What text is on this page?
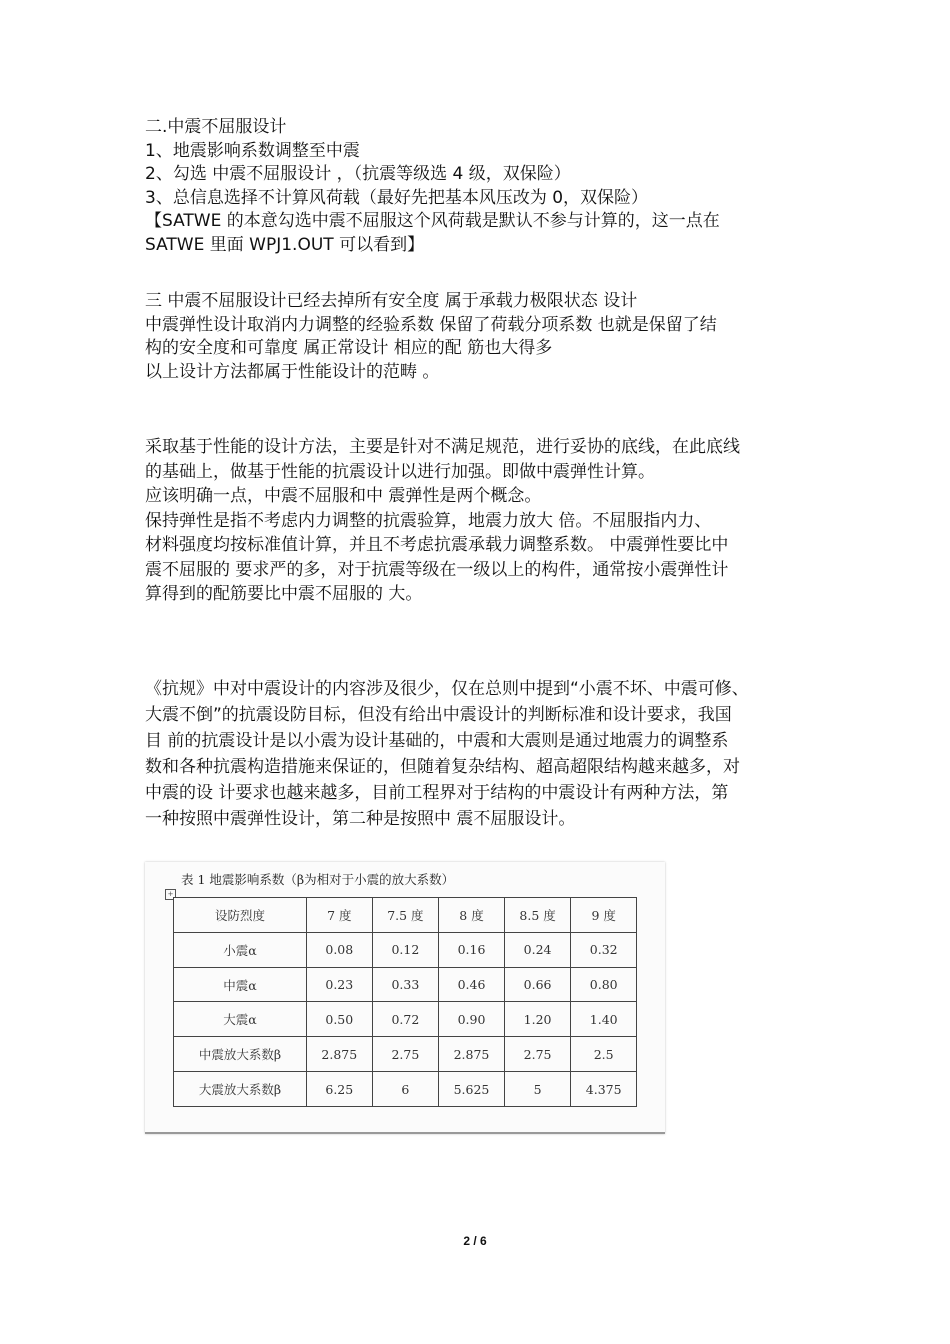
二.中震不屈服设计
1、地震影响系数调整至中震
2、勾选 中震不屈服设计 ，（抗震等级选 4 级，双保险）
3、总信息选择不计算风荷载（最好先把基本风压改为 0，双保险）
【SATWE 的本意勾选中震不屈服这个风荷载是默认不参与计算的，这一点在
SATWE 里面 WPJ1.OUT 可以看到】
三 中震不屈服设计已经去掉所有安全度 属于承载力极限状态 设计
中震弹性设计取消内力调整的经验系数 保留了荷载分项系数 也就是保留了结
构的安全度和可靠度 属正常设计 相应的配 筋也大得多
以上设计方法都属于性能设计的范畴 。
采取基于性能的设计方法，主要是针对不满足规范，进行妥协的底线，在此底线
的基础上，做基于性能的抗震设计以进行加强。即做中震弹性计算。
应该明确一点，中震不屈服和中 震弹性是两个概念。
保持弹性是指不考虑内力调整的抗震验算，地震力放大 倍。不屈服指内力、
材料强度均按标准值计算，并且不考虑抗震承载力调整系数。 中震弹性要比中
震不屈服的 要求严的多，对于抗震等级在一级以上的构件，通常按小震弹性计
算得到的配筋要比中震不屈服的 大。
《抗规》中对中震设计的内容涉及很少，仅在总则中提到“小震不坏、中震可修、
大震不倒”的抗震设防目标，但没有给出中震设计的判断标准和设计要求，我国
目 前的抗震设计是以小震为设计基础的，中震和大震则是通过地震力的调整系
数和各种抗震构造措施来保证的，但随着复杂结构、超高超限结构越来越多，对
中震的设 计要求也越来越多，目前工程界对于结构的中震设计有两种方法，第
一种按照中震弹性设计，第二种是按照中 震不屈服设计。
表 1 地震影响系数（β为相对于小震的放大系数）
+
设防烈度	7 度	7.5 度	8 度	8.5 度	9 度
小震α	0.08	0.12	0.16	0.24	0.32
中震α	0.23	0.33	0.46	0.66	0.80
大震α	0.50	0.72	0.90	1.20	1.40
中震放大系数β	2.875	2.75	2.875	2.75	2.5
大震放大系数β	6.25	6	5.625	5	4.375
2 / 6
